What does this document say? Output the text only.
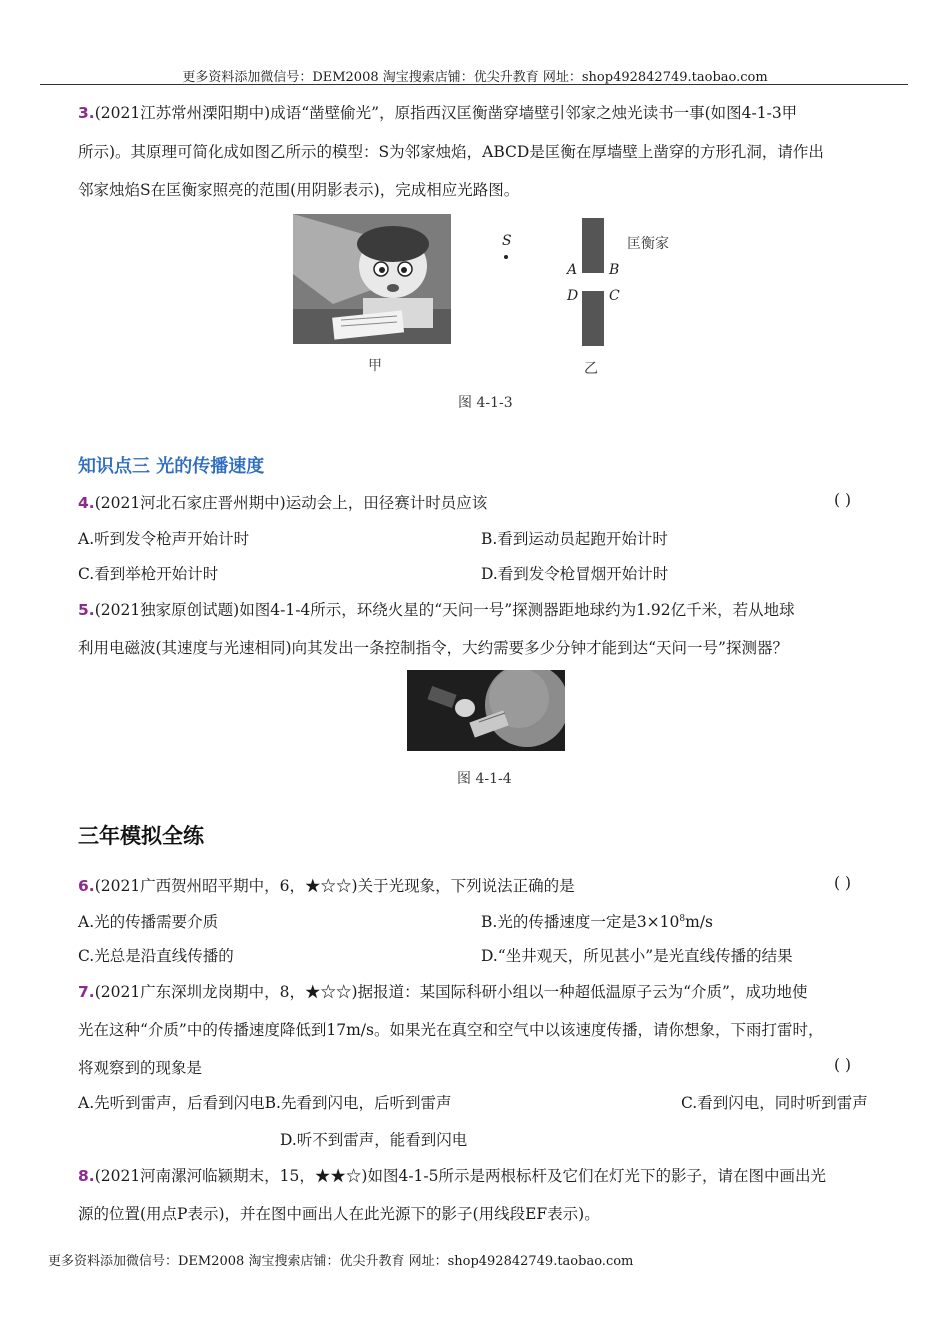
更多资料添加微信号：DEM2008 淘宝搜索店铺：优尖升教育 网址：shop492842749.taobao.com
3.(2021江苏常州溧阳期中)成语“凿壁偷光”，原指西汉匡衡凿穿墙壁引邻家之烛光读书一事(如图4-1-3甲
所示)。其原理可简化成如图乙所示的模型：S为邻家烛焰，ABCD是匡衡在厚墙壁上凿穿的方形孔洞，请作出
邻家烛焰S在匡衡家照亮的范围(用阴影表示)，完成相应光路图。
甲
S
A B
D C
匡衡家
乙
图 4-1-3
知识点三 光的传播速度
4.(2021河北石家庄晋州期中)运动会上，田径赛计时员应该	( )
A.听到发令枪声开始计时	B.看到运动员起跑开始计时
C.看到举枪开始计时	D.看到发令枪冒烟开始计时
5.(2021独家原创试题)如图4-1-4所示，环绕火星的“天问一号”探测器距地球约为1.92亿千米，若从地球
利用电磁波(其速度与光速相同)向其发出一条控制指令，大约需要多少分钟才能到达“天问一号”探测器？
图 4-1-4
三年模拟全练
6.(2021广西贺州昭平期中，6，★☆☆)关于光现象，下列说法正确的是	( )
A.光的传播需要介质	B.光的传播速度一定是$3\times 10^8m/s$
C.光总是沿直线传播的	D.“坐井观天，所见甚小”是光直线传播的结果
7.(2021广东深圳龙岗期中，8，★☆☆)据报道：某国际科研小组以一种超低温原子云为“介质”，成功地使
光在这种“介质”中的传播速度降低到17m/s。如果光在真空和空气中以该速度传播，请你想象，下雨打雷时，
将观察到的现象是	( )
A.先听到雷声，后看到闪电B.先看到闪电，后听到雷声	C.看到闪电，同时听到雷声
D.听不到雷声，能看到闪电
8.(2021河南漯河临颍期末，15，★★☆)如图4-1-5所示是两根标杆及它们在灯光下的影子，请在图中画出光
源的位置(用点P表示)，并在图中画出人在此光源下的影子(用线段EF表示)。
更多资料添加微信号：DEM2008 淘宝搜索店铺：优尖升教育 网址：shop492842749.taobao.com
